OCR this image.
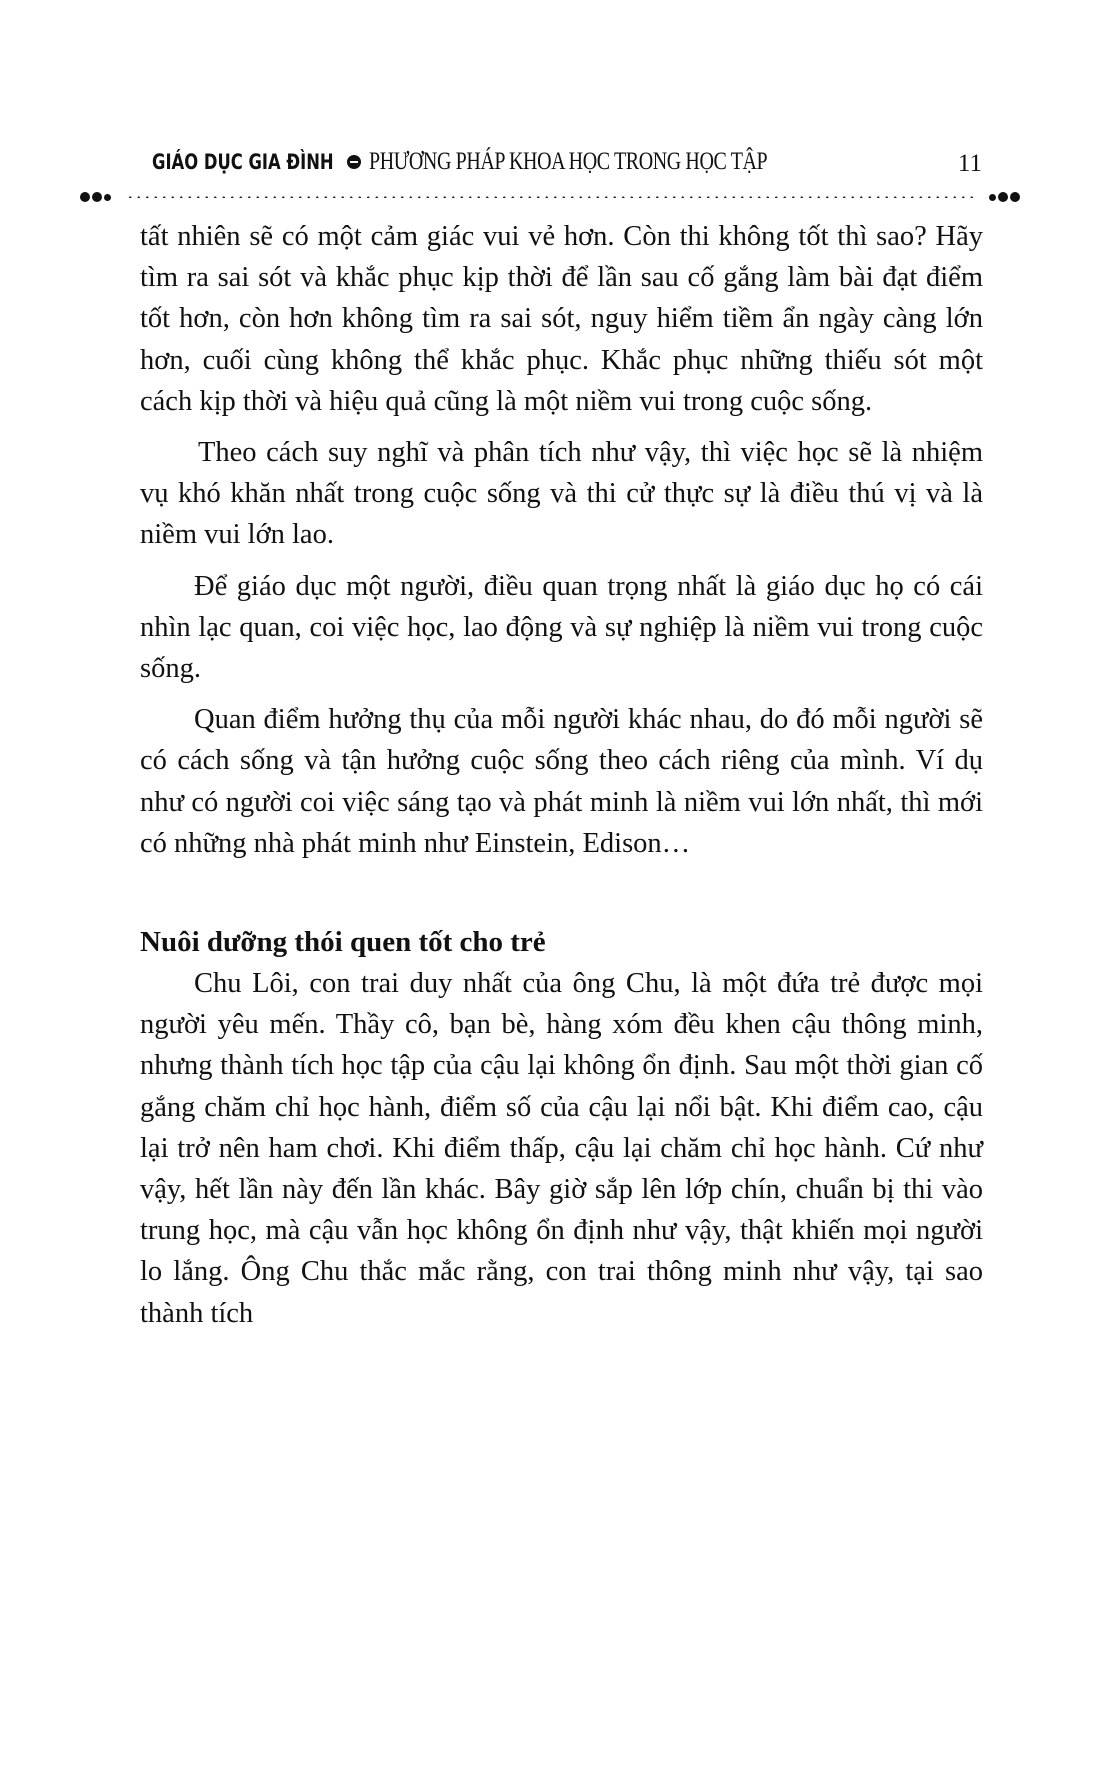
GIÁO DỤC GIA ĐÌNH PHƯƠNG PHÁP KHOA HỌC TRONG HỌC TẬP	11

tất nhiên sẽ có một cảm giác vui vẻ hơn. Còn thi không tốt thì sao? Hãy tìm ra sai sót và khắc phục kịp thời để lần sau cố gắng làm bài đạt điểm tốt hơn, còn hơn không tìm ra sai sót, nguy hiểm tiềm ẩn ngày càng lớn hơn, cuối cùng không thể khắc phục. Khắc phục những thiếu sót một cách kịp thời và hiệu quả cũng là một niềm vui trong cuộc sống.

Theo cách suy nghĩ và phân tích như vậy, thì việc học sẽ là nhiệm vụ khó khăn nhất trong cuộc sống và thi cử thực sự là điều thú vị và là niềm vui lớn lao.

Để giáo dục một người, điều quan trọng nhất là giáo dục họ có cái nhìn lạc quan, coi việc học, lao động và sự nghiệp là niềm vui trong cuộc sống.

Quan điểm hưởng thụ của mỗi người khác nhau, do đó mỗi người sẽ có cách sống và tận hưởng cuộc sống theo cách riêng của mình. Ví dụ như có người coi việc sáng tạo và phát minh là niềm vui lớn nhất, thì mới có những nhà phát minh như Einstein, Edison…

Nuôi dưỡng thói quen tốt cho trẻ

Chu Lôi, con trai duy nhất của ông Chu, là một đứa trẻ được mọi người yêu mến. Thầy cô, bạn bè, hàng xóm đều khen cậu thông minh, nhưng thành tích học tập của cậu lại không ổn định. Sau một thời gian cố gắng chăm chỉ học hành, điểm số của cậu lại nổi bật. Khi điểm cao, cậu lại trở nên ham chơi. Khi điểm thấp, cậu lại chăm chỉ học hành. Cứ như vậy, hết lần này đến lần khác. Bây giờ sắp lên lớp chín, chuẩn bị thi vào trung học, mà cậu vẫn học không ổn định như vậy, thật khiến mọi người lo lắng. Ông Chu thắc mắc rằng, con trai thông minh như vậy, tại sao thành tích
